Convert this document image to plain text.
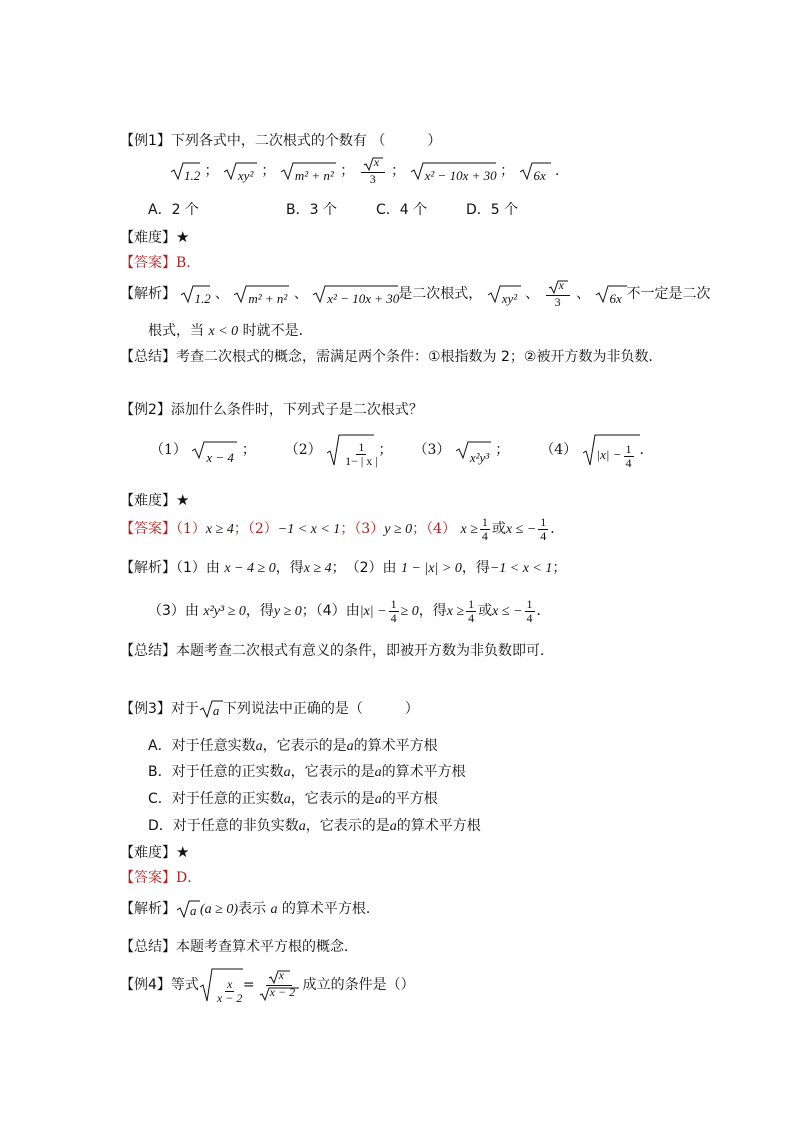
【例1】下列各式中，二次根式的个数有 （　　　）
1.2 ； xy² ； m² + n² ； $\frac{x}{3}$ ； x² − 10x + 30 ； 6x ．
A．2 个	B．3 个	C．4 个	D．5 个
【难度】★
【答案】B．
【解析】 1.2 、 m² + n² 、 x² − 10x + 30 是二次根式， xy² 、 $\frac{x}{3}$ 、 6x 不一定是二次
根式，当 x < 0 时就不是．
【总结】考查二次根式的概念，需满足两个条件：①根指数为 2；②被开方数为非负数．
【例2】添加什么条件时，下列式子是二次根式？
（1） x − 4 ；  $(2) \frac{1}{1- | x |}$
；  （3） x²y³ ；  （4） $|x| - \frac{1}{4}$ ．
【难度】★
【答案】（1）x ≥ 4；（2）−1 < x < 1；（3）y ≥ 0；（4） $x \ge \frac{1}{4}$ 或x ≤ − $\frac{1}{4}$ ．
【解析】（1）由 x − 4 ≥ 0，得x ≥ 4；　（2）由 1 − |x| > 0，得−1 < x < 1；
（3）由 x²y³ ≥ 0，得y ≥ 0；（4）由$|x| - \frac{1}{4} \ge 0$，得$x \ge \frac{1}{4}$ 或x ≤ − $\frac{1}{4}$ ．
【总结】本题考查二次根式有意义的条件，即被开方数为非负数即可．
【例3】对于 a 下列说法中正确的是（　　　）
A．对于任意实数a，它表示的是a的算术平方根
B．对于任意的正实数a，它表示的是a的算术平方根
C．对于任意的正实数a，它表示的是a的平方根
D．对于任意的非负实数a，它表示的是a的算术平方根
【难度】★
【答案】D．
【解析】 a (a ≥ 0)表示 a 的算术平方根．
【总结】本题考查算术平方根的概念．
【例4】等式 $\frac{x}{x - 2}$
= $\frac{x}{x - 2}$ 成立的条件是（）
